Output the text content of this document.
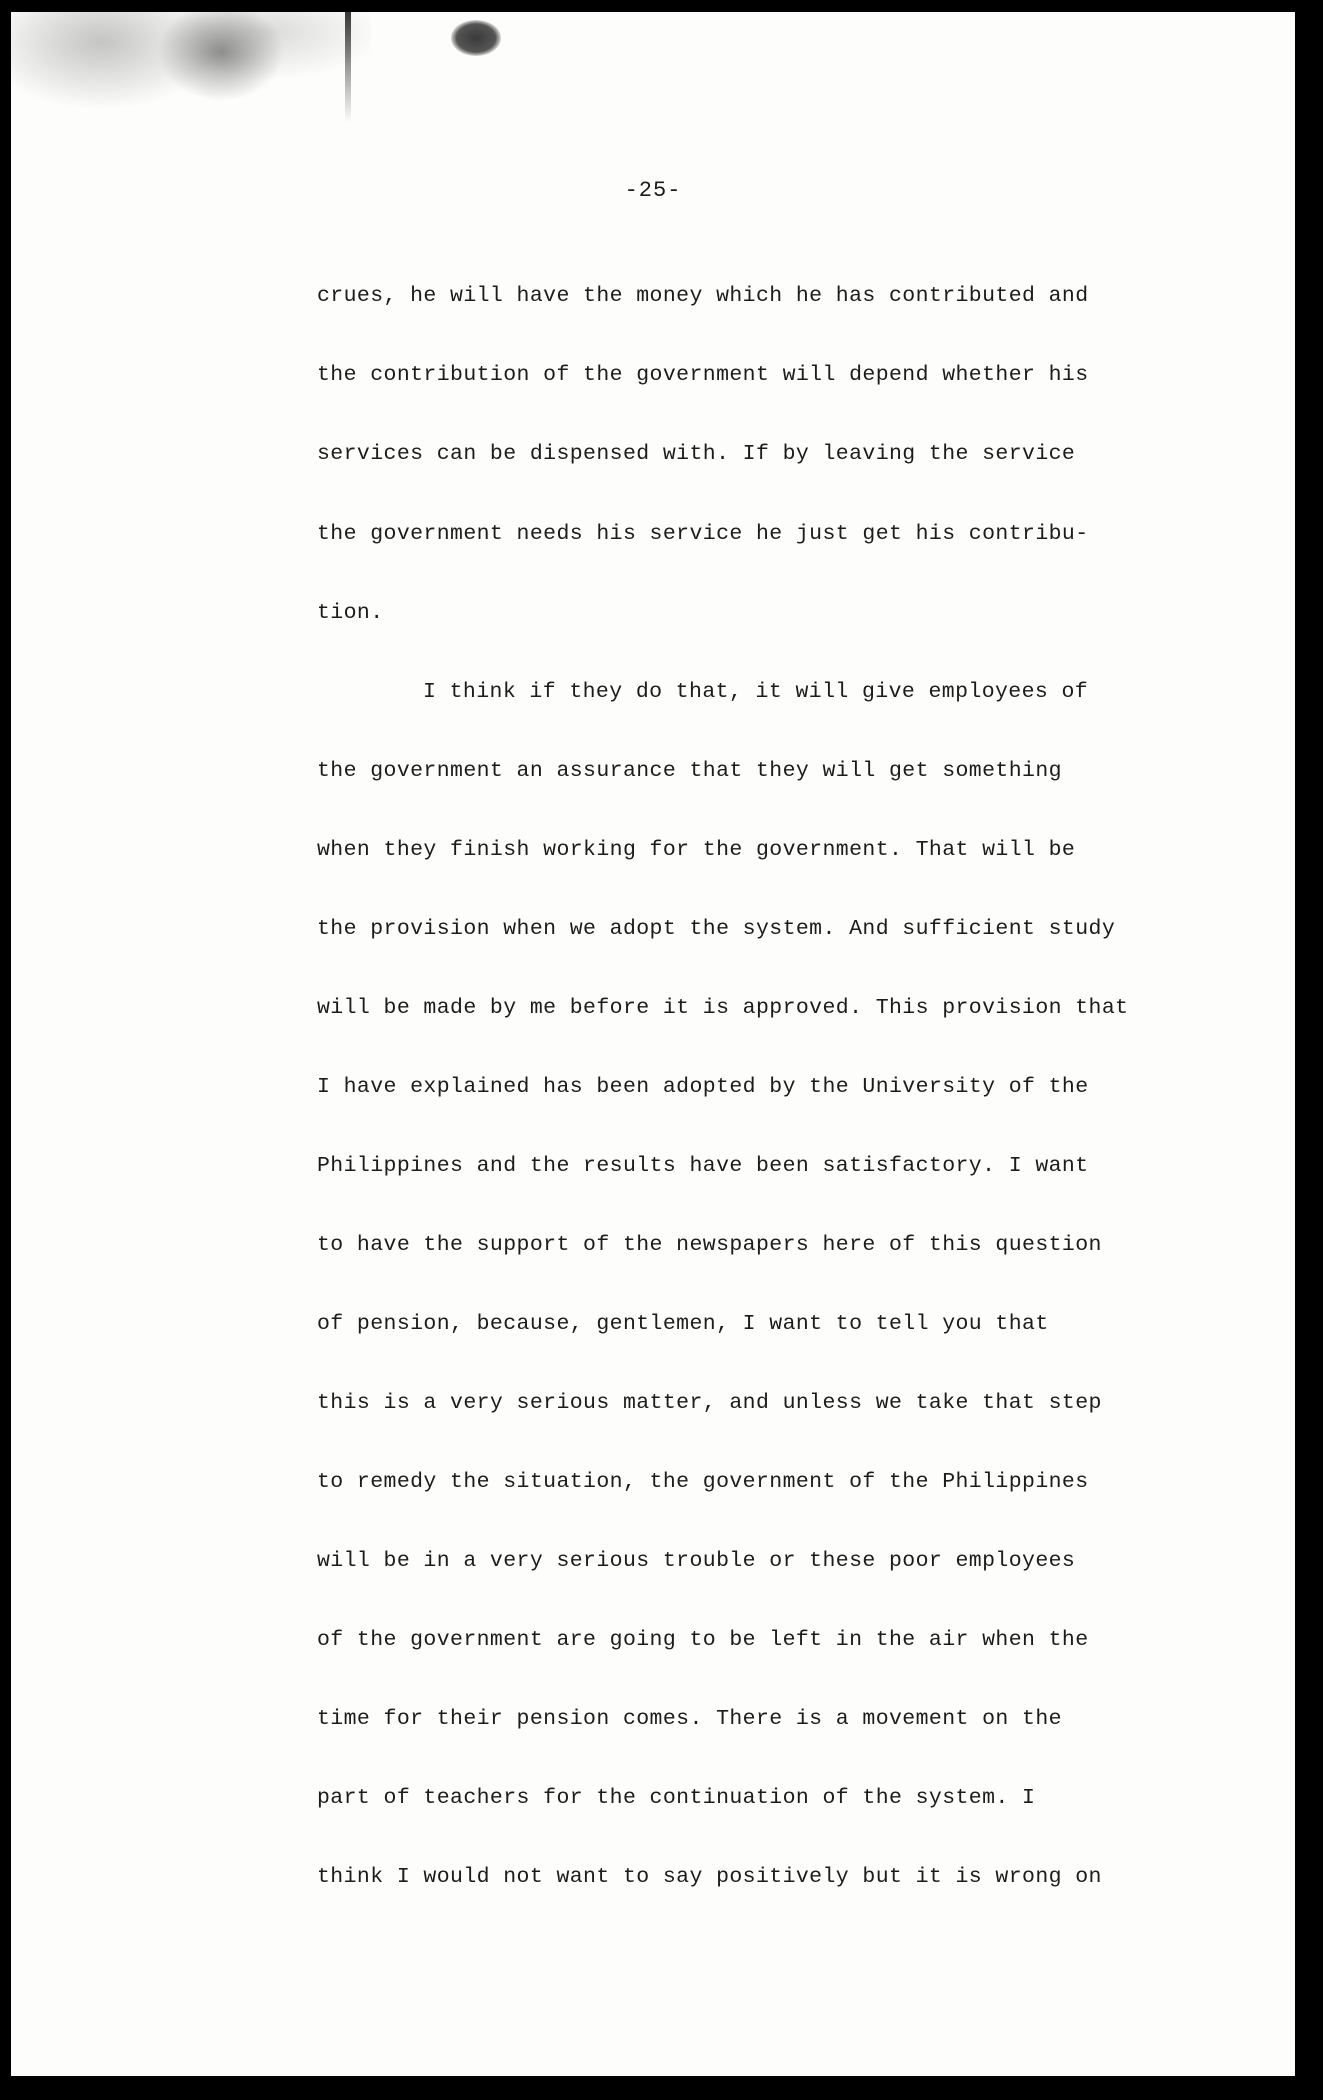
-25-
crues, he will have the money which he has contributed and
the contribution of the government will depend whether his
services can be dispensed with. If by leaving the service
the government needs his service he just get his contribu-
tion.
I think if they do that, it will give employees of
the government an assurance that they will get something
when they finish working for the government. That will be
the provision when we adopt the system. And sufficient study
will be made by me before it is approved. This provision that
I have explained has been adopted by the University of the
Philippines and the results have been satisfactory. I want
to have the support of the newspapers here of this question
of pension, because, gentlemen, I want to tell you that
this is a very serious matter, and unless we take that step
to remedy the situation, the government of the Philippines
will be in a very serious trouble or these poor employees
of the government are going to be left in the air when the
time for their pension comes. There is a movement on the
part of teachers for the continuation of the system. I
think I would not want to say positively but it is wrong on
